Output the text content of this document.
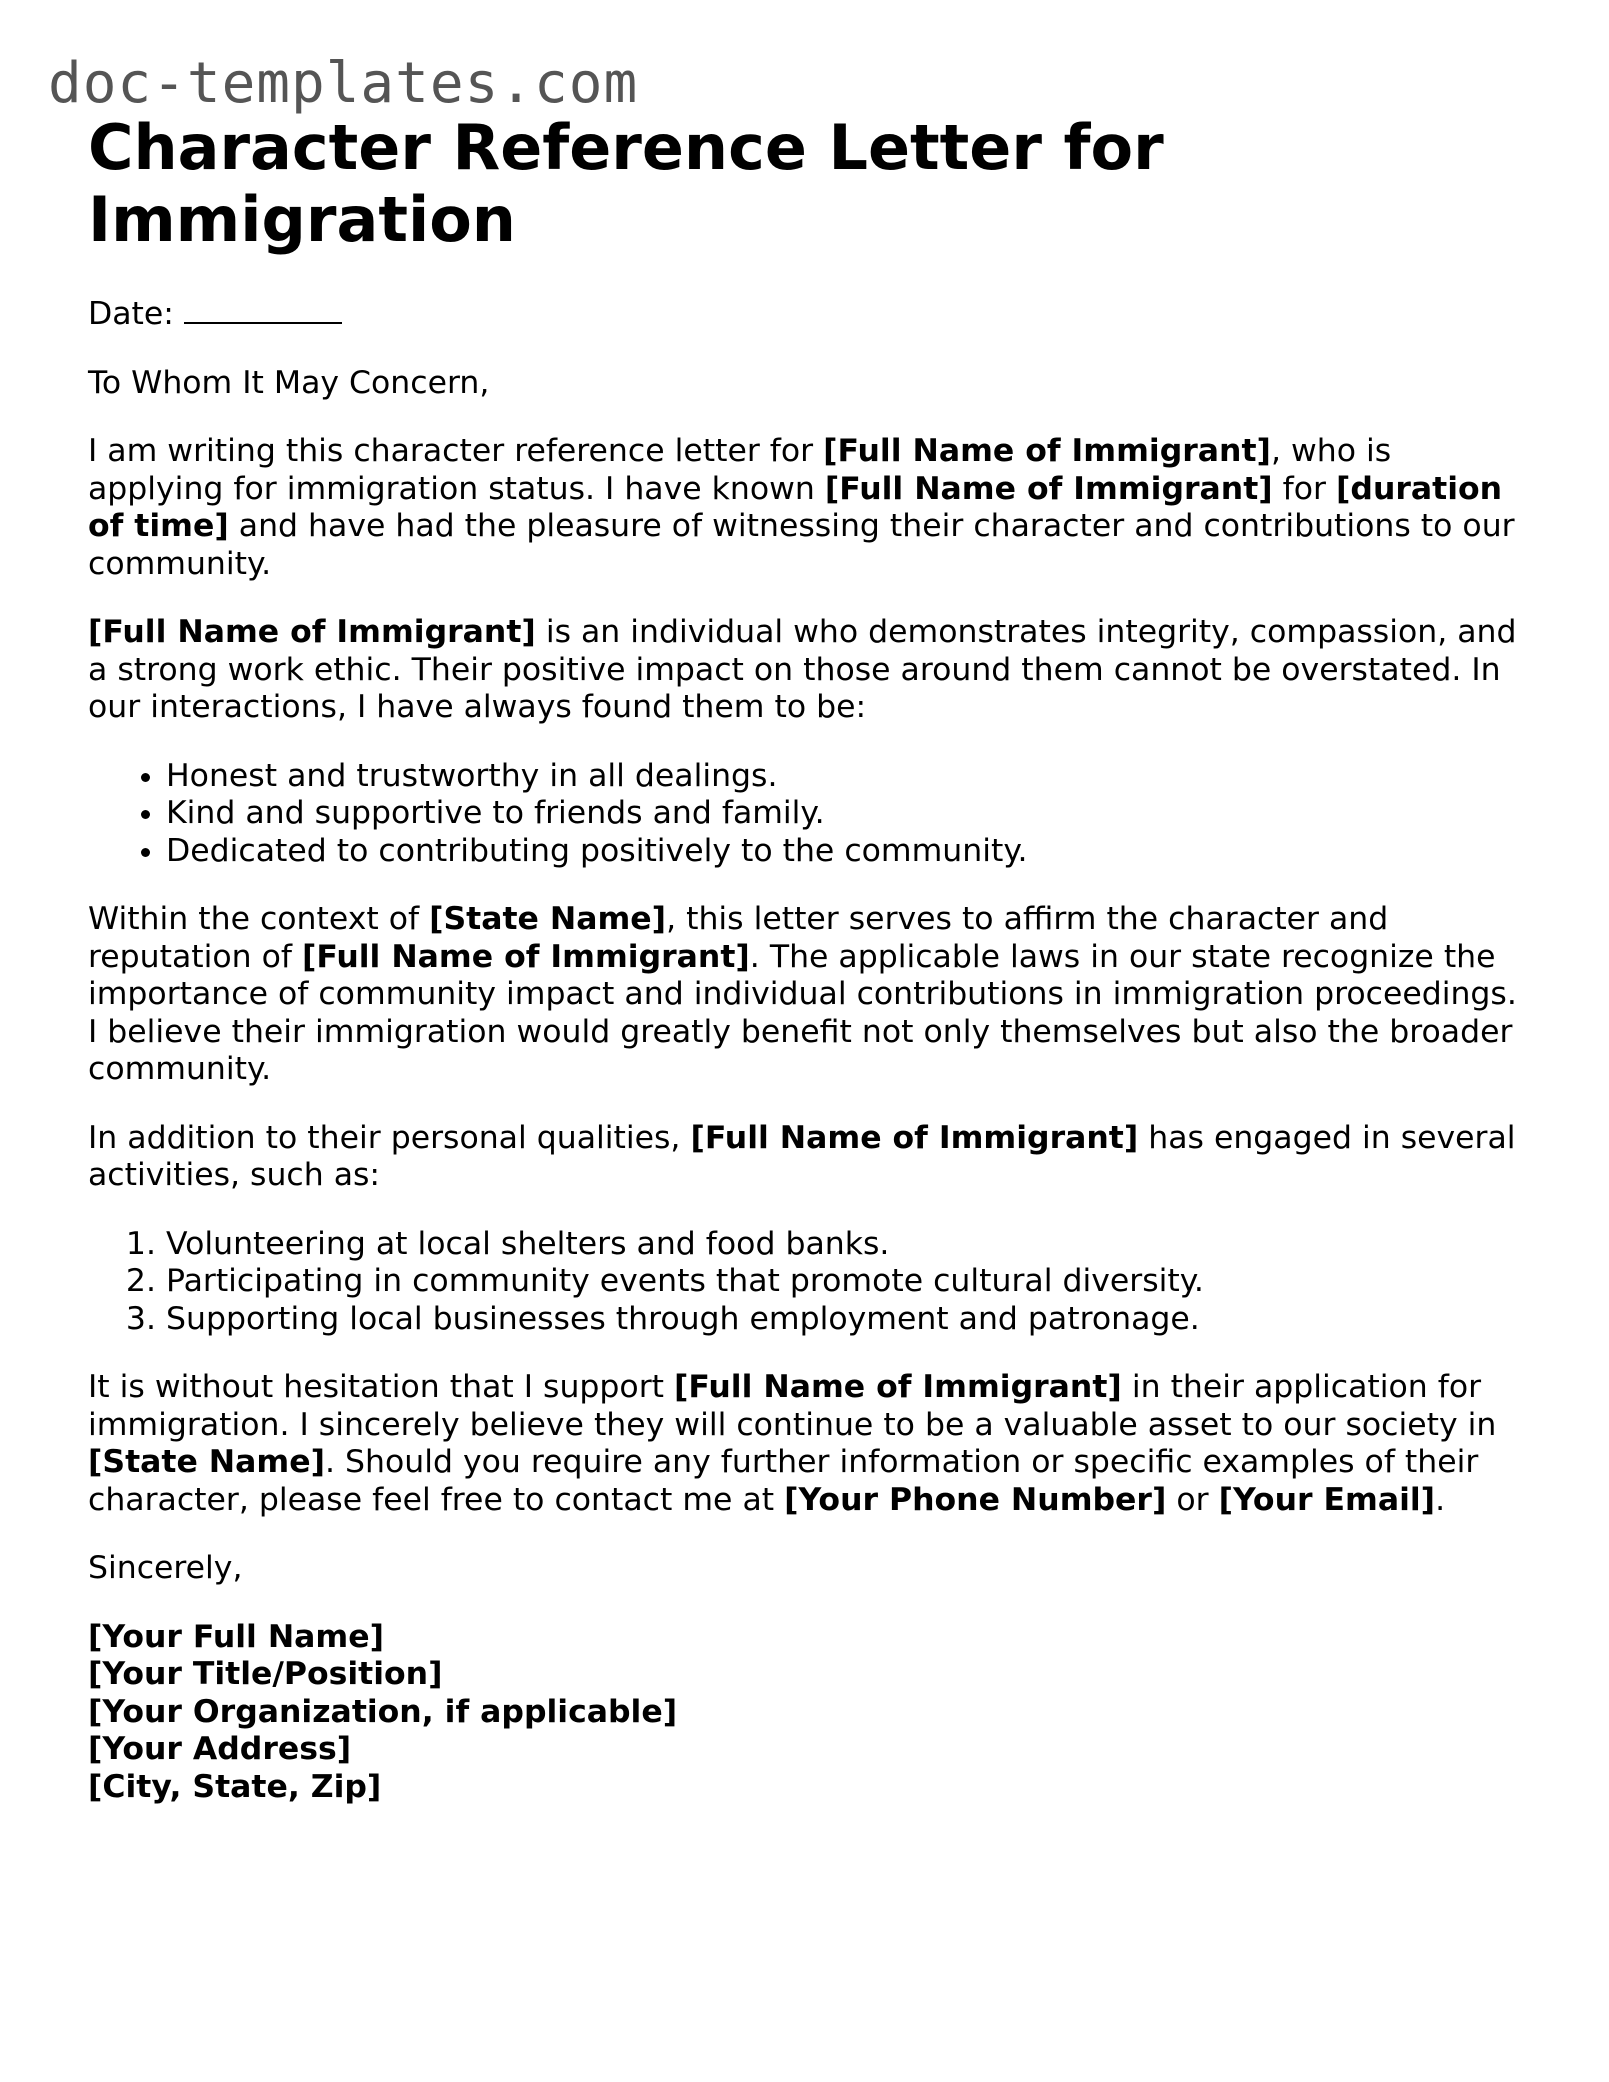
doc-templates.com
Character Reference Letter for Immigration

Date:

To Whom It May Concern,

I am writing this character reference letter for [Full Name of Immigrant], who is applying for immigration status. I have known [Full Name of Immigrant] for [duration of time] and have had the pleasure of witnessing their character and contributions to our community.

[Full Name of Immigrant] is an individual who demonstrates integrity, compassion, and a strong work ethic. Their positive impact on those around them cannot be overstated. In our interactions, I have always found them to be:

• Honest and trustworthy in all dealings.
• Kind and supportive to friends and family.
• Dedicated to contributing positively to the community.

Within the context of [State Name], this letter serves to affirm the character and reputation of [Full Name of Immigrant]. The applicable laws in our state recognize the importance of community impact and individual contributions in immigration proceedings. I believe their immigration would greatly benefit not only themselves but also the broader community.

In addition to their personal qualities, [Full Name of Immigrant] has engaged in several activities, such as:

1. Volunteering at local shelters and food banks.
2. Participating in community events that promote cultural diversity.
3. Supporting local businesses through employment and patronage.

It is without hesitation that I support [Full Name of Immigrant] in their application for immigration. I sincerely believe they will continue to be a valuable asset to our society in [State Name]. Should you require any further information or specific examples of their character, please feel free to contact me at [Your Phone Number] or [Your Email].

Sincerely,

[Your Full Name]
[Your Title/Position]
[Your Organization, if applicable]
[Your Address]
[City, State, Zip]
